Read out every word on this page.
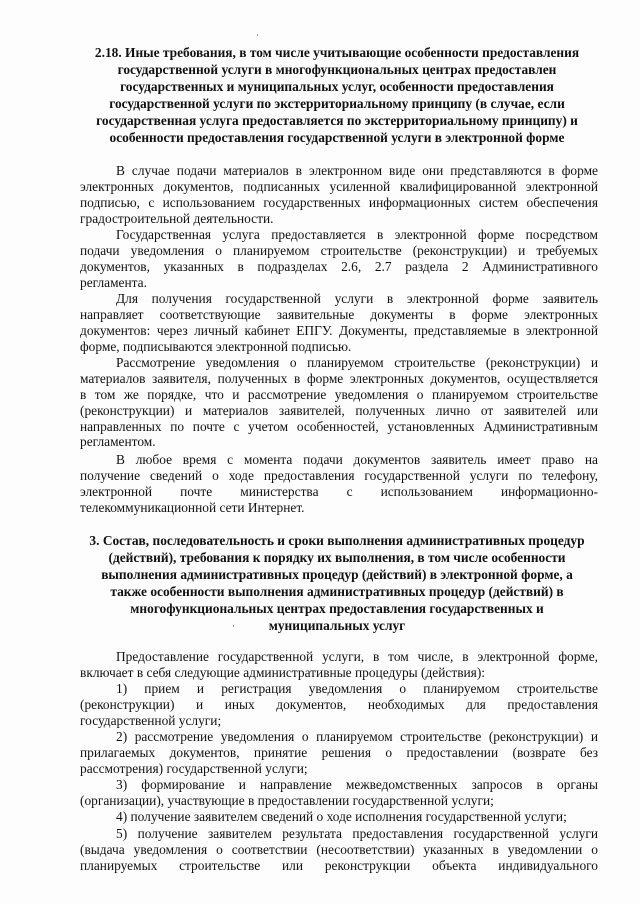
·
2.18. Иные требования, в том числе учитывающие особенности предоставления
государственной услуги в многофункциональных центрах предоставлен
государственных и муниципальных услуг, особенности предоставления
государственной услуги по экстерриториальному принципу (в случае, если
государственная услуга предоставляется по экстерриториальному принципу) и
особенности предоставления государственной услуги в электронной форме
В случае подачи материалов в электронном виде они представляются в форме
электронных документов, подписанных усиленной квалифицированной электронной
подписью, с использованием государственных информационных систем обеспечения
градостроительной деятельности.
Государственная услуга предоставляется в электронной форме посредством
подачи уведомления о планируемом строительстве (реконструкции) и требуемых
документов, указанных в подразделах 2.6, 2.7 раздела 2 Административного
регламента.
Для получения государственной услуги в электронной форме заявитель
направляет соответствующие заявительные документы в форме электронных
документов: через личный кабинет ЕПГУ. Документы, представляемые в электронной
форме, подписываются электронной подписью.
Рассмотрение уведомления о планируемом строительстве (реконструкции) и
материалов заявителя, полученных в форме электронных документов, осуществляется
в том же порядке, что и рассмотрение уведомления о планируемом строительстве
(реконструкции) и материалов заявителей, полученных лично от заявителей или
направленных по почте с учетом особенностей, установленных Административным
регламентом.
В любое время с момента подачи документов заявитель имеет право на
получение сведений о ходе предоставления государственной услуги по телефону,
электронной почте министерства с использованием информационно-
телекоммуникационной сети Интернет.
3. Состав, последовательность и сроки выполнения административных процедур
(действий), требования к порядку их выполнения, в том числе особенности
выполнения административных процедур (действий) в электронной форме, а
также особенности выполнения административных процедур (действий) в
многофункциональных центрах предоставления государственных и
муниципальных услуг
·
Предоставление государственной услуги, в том числе, в электронной форме,
включает в себя следующие административные процедуры (действия):
1) прием и регистрация уведомления о планируемом строительстве
(реконструкции) и иных документов, необходимых для предоставления
государственной услуги;
2) рассмотрение уведомления о планируемом строительстве (реконструкции) и
прилагаемых документов, принятие решения о предоставлении (возврате без
рассмотрения) государственной услуги;
3) формирование и направление межведомственных запросов в органы
(организации), участвующие в предоставлении государственной услуги;
4) получение заявителем сведений о ходе исполнения государственной услуги;
5) получение заявителем результата предоставления государственной услуги
(выдача уведомления о соответствии (несоответствии) указанных в уведомлении о
планируемых строительстве или реконструкции объекта индивидуального
